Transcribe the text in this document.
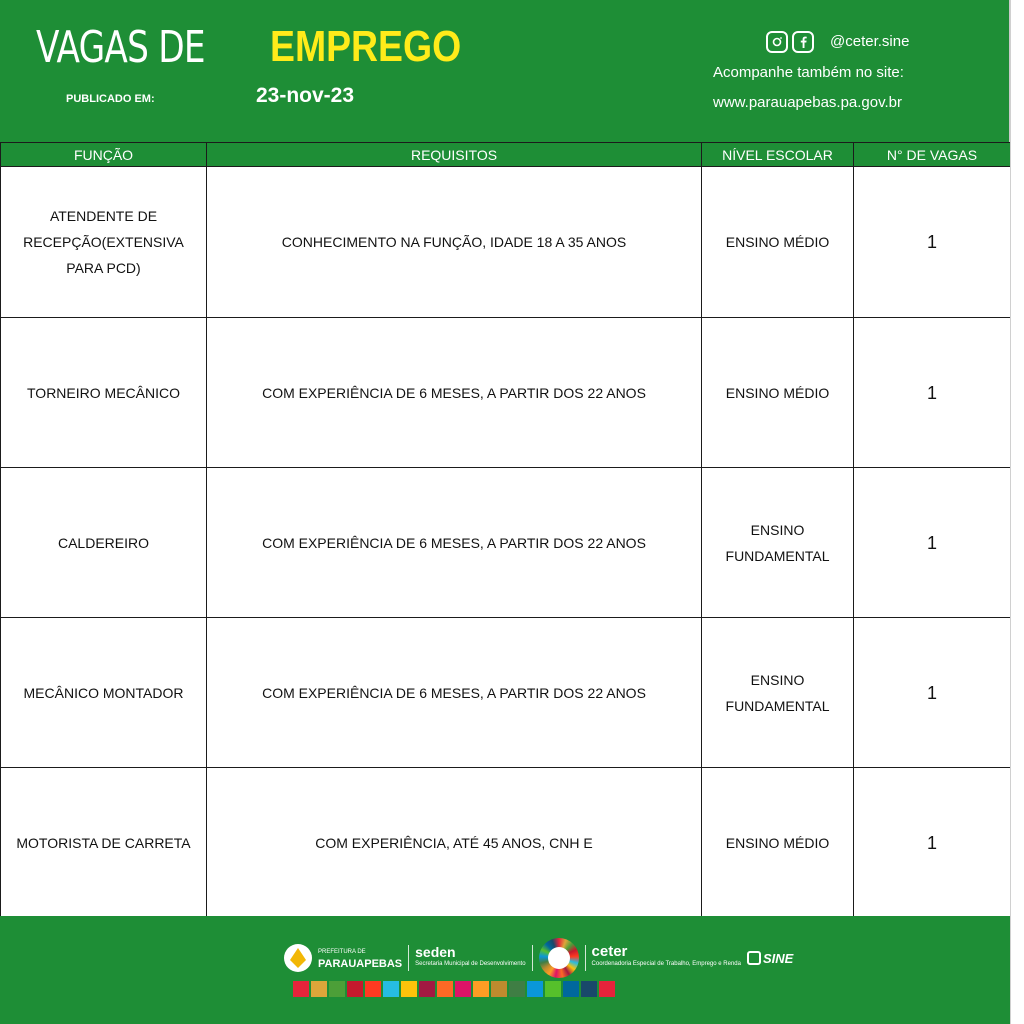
VAGAS DE EMPREGO
PUBLICADO EM:	23-nov-23
@ceter.sine
Acompanhe também no site:
www.parauapebas.pa.gov.br
FUNÇÃO	REQUISITOS	NÍVEL ESCOLAR	N° DE VAGAS
ATENDENTE DE RECEPÇÃO(EXTENSIVA PARA PCD)	CONHECIMENTO NA FUNÇÃO, IDADE 18 A 35 ANOS	ENSINO MÉDIO	1
TORNEIRO MECÂNICO	COM EXPERIÊNCIA DE 6 MESES, A PARTIR DOS 22 ANOS	ENSINO MÉDIO	1
CALDEREIRO	COM EXPERIÊNCIA DE 6 MESES, A PARTIR DOS 22 ANOS	ENSINO FUNDAMENTAL	1
MECÂNICO MONTADOR	COM EXPERIÊNCIA DE 6 MESES, A PARTIR DOS 22 ANOS	ENSINO FUNDAMENTAL	1
MOTORISTA DE CARRETA	COM EXPERIÊNCIA, ATÉ 45 ANOS, CNH E	ENSINO MÉDIO	1
PREFEITURA DE
PARAUAPEBAS
seden
Secretaria Municipal de Desenvolvimento
ceter
Coordenadoria Especial de Trabalho, Emprego e Renda SINE
